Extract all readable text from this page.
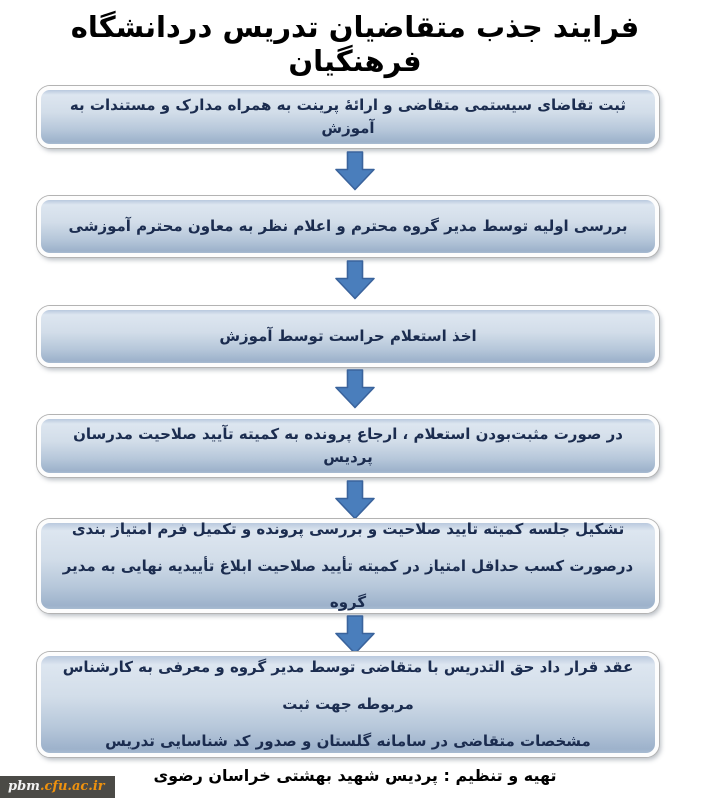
فرایند جذب متقاضیان تدریس دردانشگاه فرهنگیان
ثبت تقاضای سیستمی متقاضی و ارائهٔ پرینت به همراه مدارک و مستندات به آموزش
بررسی اولیه توسط مدیر گروه محترم و اعلام نظر به معاون محترم آموزشی
اخذ استعلام حراست توسط آموزش
در صورت مثبت‌بودن استعلام ، ارجاع پرونده به کمیته تآیید صلاحیت مدرسان پردیس
تشکیل جلسه کمیته تایید صلاحیت و بررسی پرونده و تکمیل فرم امتیاز بندی
درصورت کسب حداقل امتیاز در کمیته تأیید صلاحیت ابلاغ تأییدیه نهایی به مدیر گروه
عقد قرار داد حق التدریس با متقاضی توسط مدیر گروه و معرفی به کارشناس مربوطه جهت ثبت
مشخصات متقاضی در سامانه گلستان و صدور کد شناسایی تدریس
تهیه و تنظیم : پردیس شهید بهشتی خراسان رضوی
pbm.cfu.ac.ir
